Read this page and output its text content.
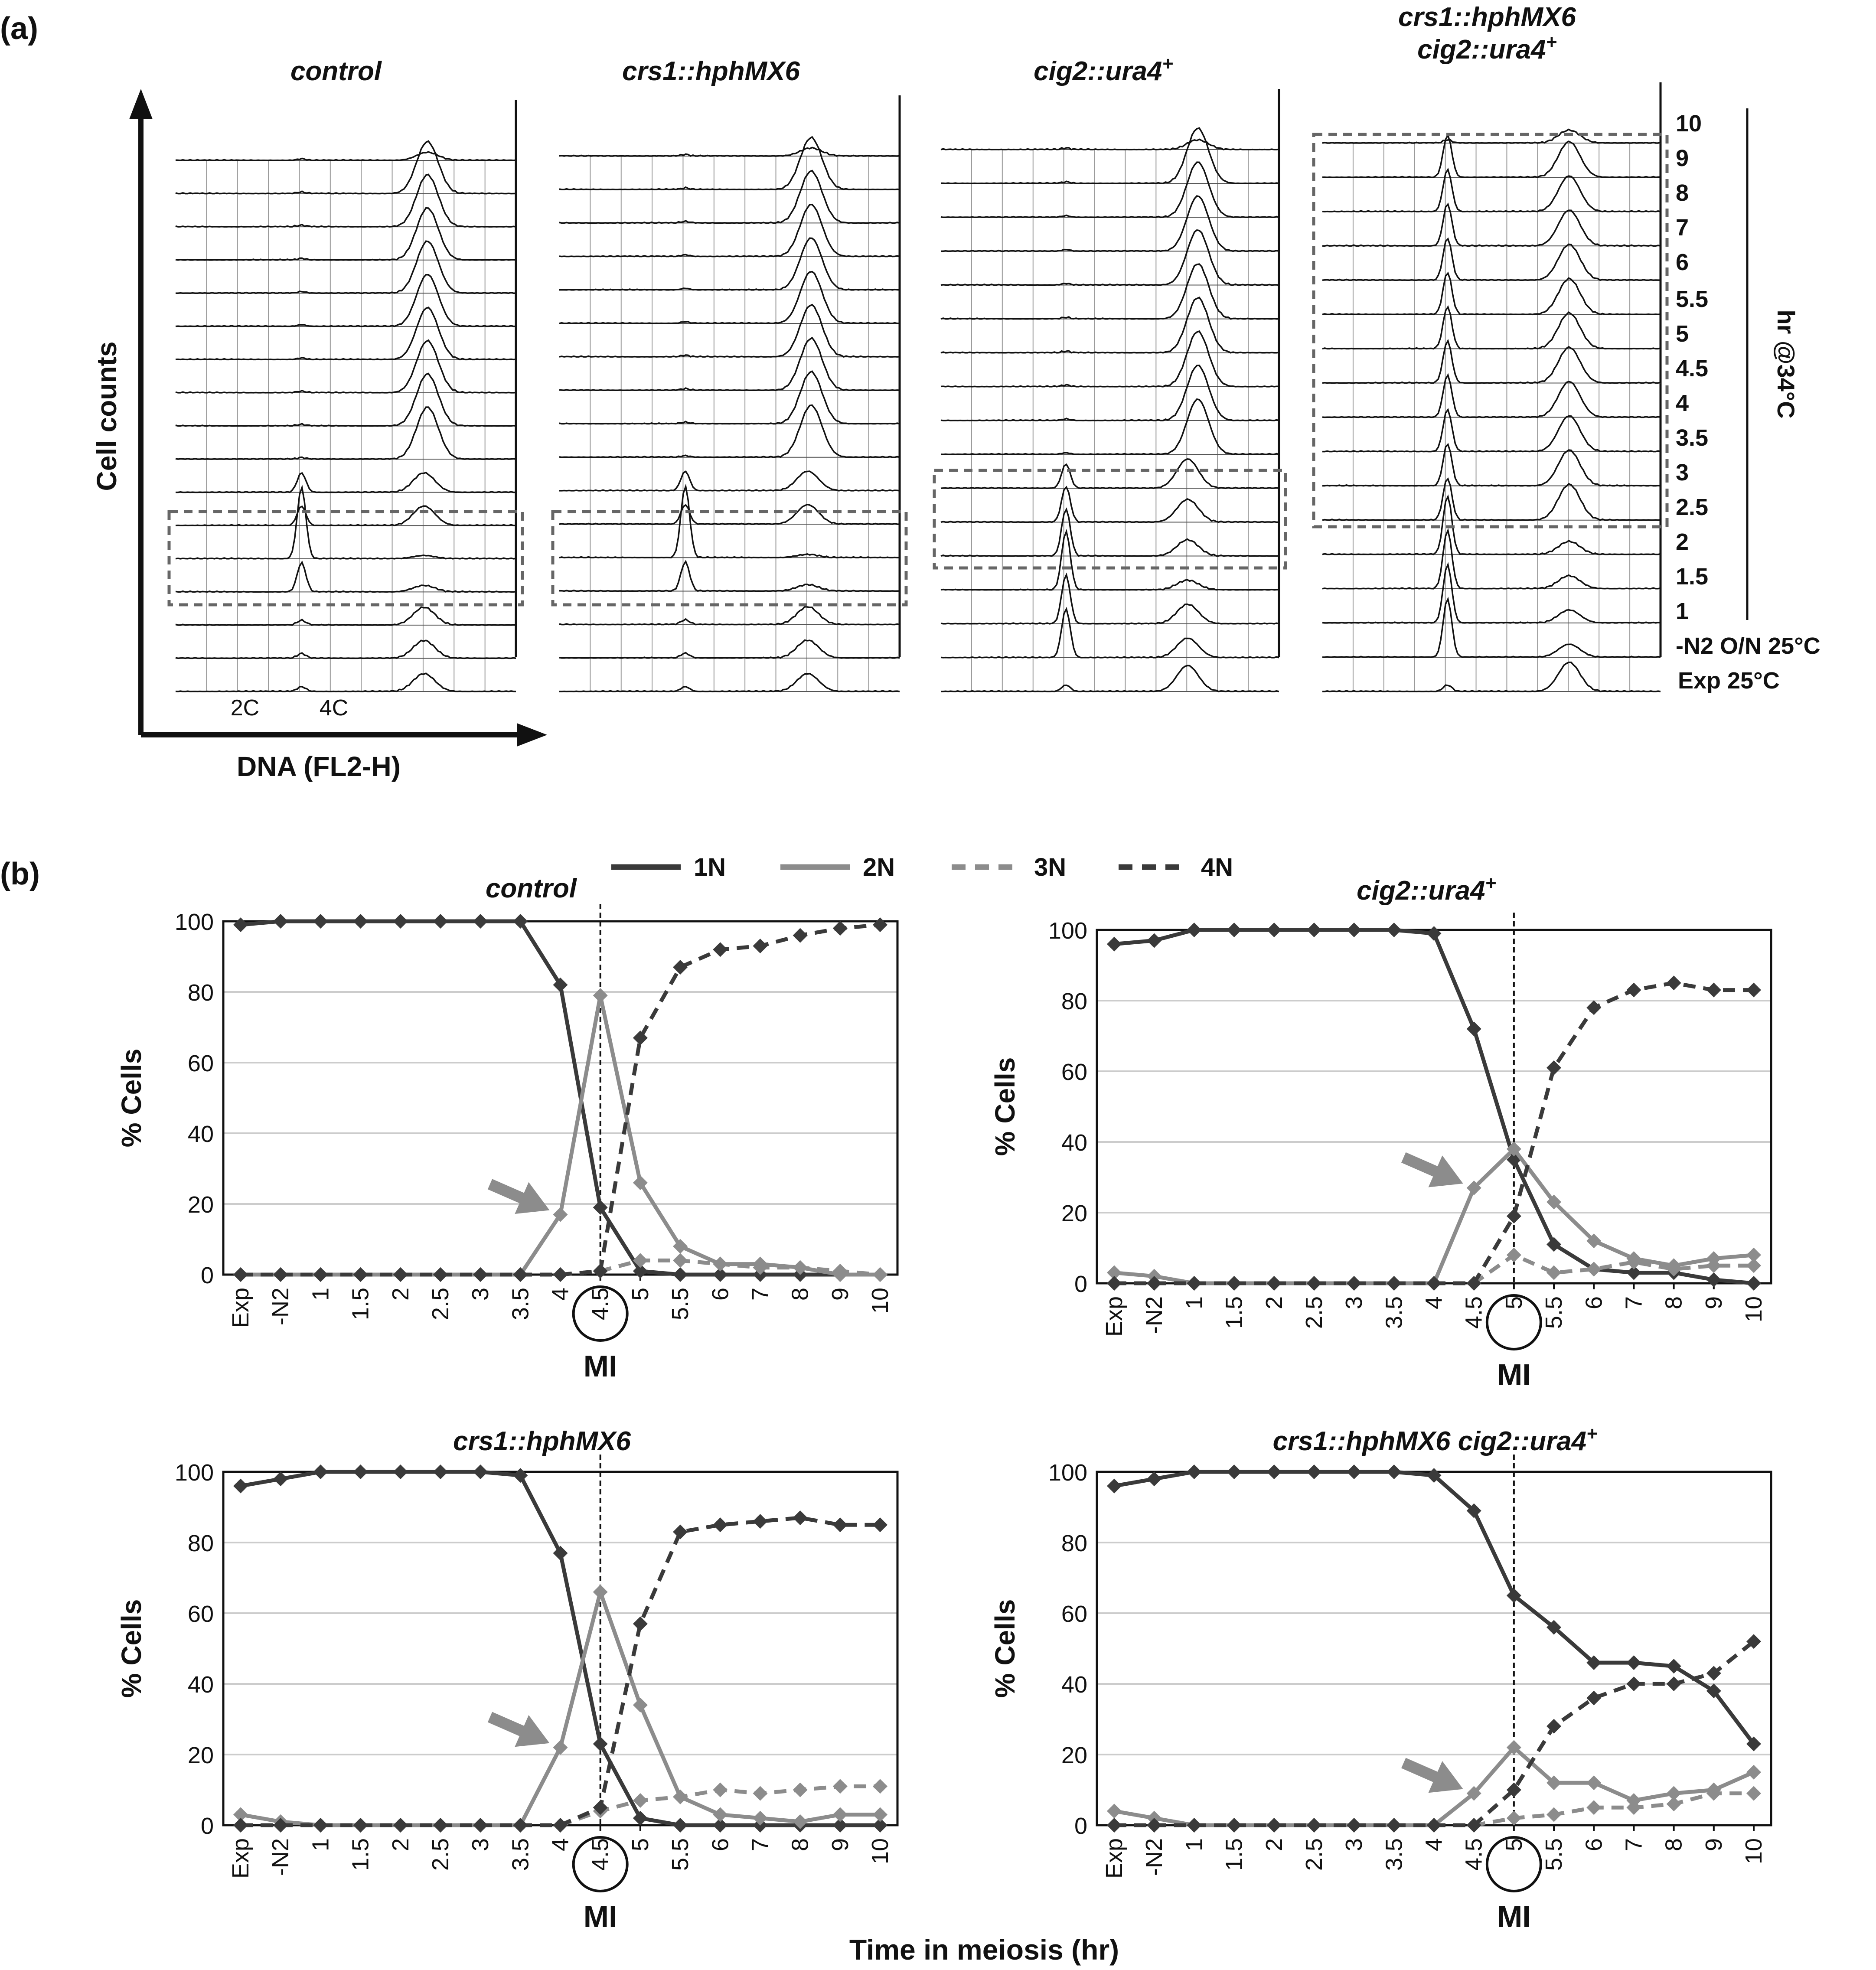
(a)
Cell counts
DNA (FL2-H)
2C	4C
control	crs1::hphMX6	cig2::ura4+
crs1::hphMX6
cig2::ura4+
10
9
8
7
6
5.5
5
4.5
4
3.5
3
2.5
2
1.5
1
-N2 O/N 25°C
Exp 25°C
hr @34°C
(b)	1N	2N	3N	4N
0
20
40
60
80
100
% Cells
control
Exp -N2 1 1.5 2 2.5 3 3.5 4 4.5
MI
5 5.5 6 7 8 9 10
0
20
40
60
80
100
% Cells
cig2::ura4+
Exp -N2 1 1.5 2 2.5 3 3.5 4 4.5 5
MI
5.5 6 7 8 9 10
0
20
40
60
80
100
% Cells
crs1::hphMX6
Exp -N2 1 1.5 2 2.5 3 3.5 4 4.5
MI
5 5.5 6 7 8 9 10
0
20
40
60
80
100
% Cells
crs1::hphMX6 cig2::ura4+
Exp -N2 1 1.5 2 2.5 3 3.5 4 4.5 5
MI
5.5 6 7 8 9 10
Time in meiosis (hr)
